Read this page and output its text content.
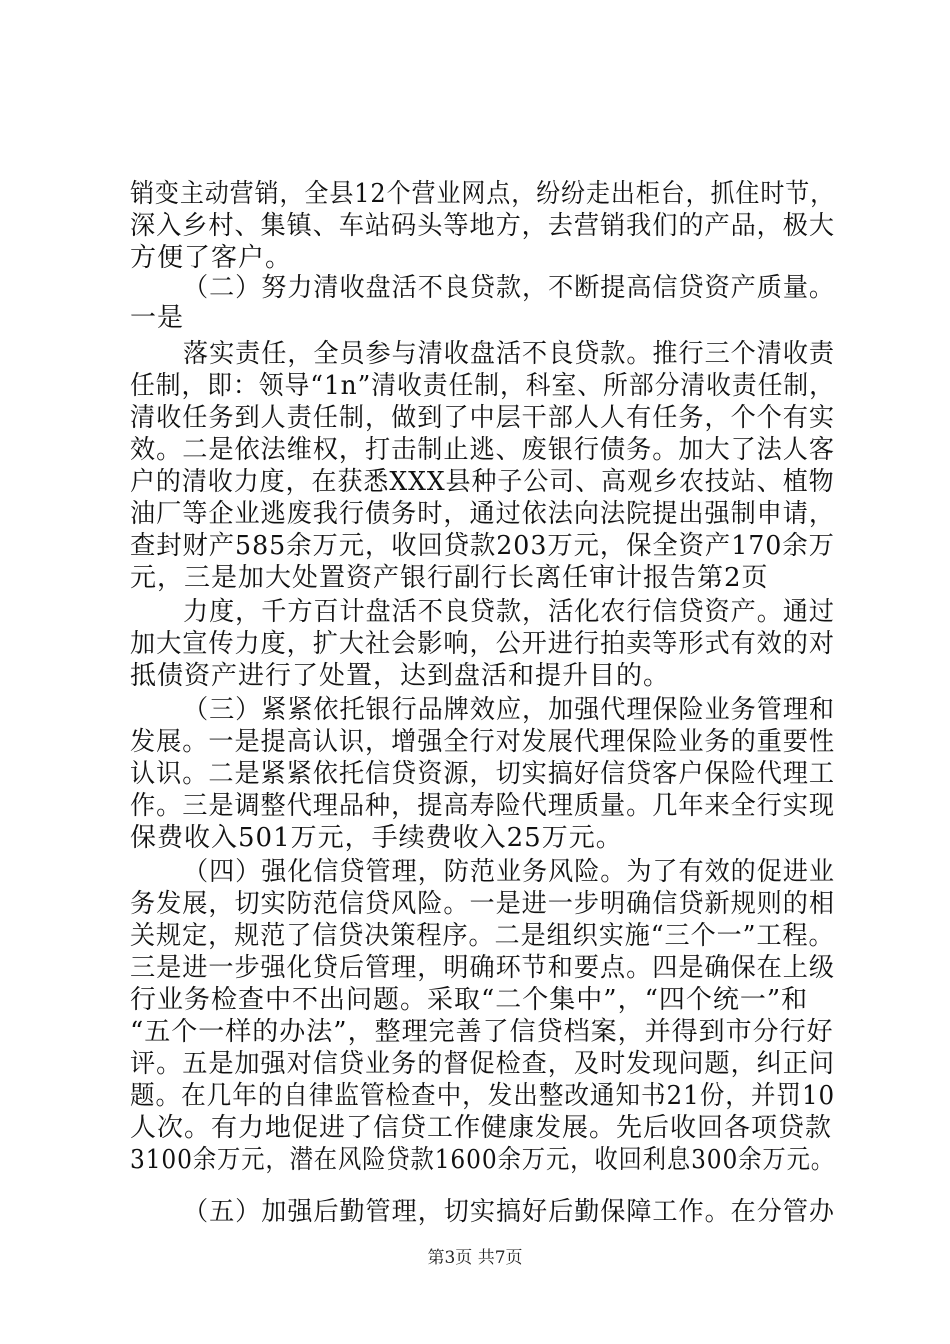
销变主动营销，全县12个营业网点，纷纷走出柜台，抓住时节，
深入乡村、集镇、车站码头等地方，去营销我们的产品，极大
方便了客户。
（二）努力清收盘活不良贷款，不断提高信贷资产质量。
一是
落实责任，全员参与清收盘活不良贷款。推行三个清收责
任制，即：领导“1n”清收责任制，科室、所部分清收责任制，
清收任务到人责任制，做到了中层干部人人有任务，个个有实
效。二是依法维权，打击制止逃、废银行债务。加大了法人客
户的清收力度，在获悉XXX县种子公司、高观乡农技站、植物
油厂等企业逃废我行债务时，通过依法向法院提出强制申请，
查封财产585余万元，收回贷款203万元，保全资产170余万
元，三是加大处置资产银行副行长离任审计报告第2页
力度，千方百计盘活不良贷款，活化农行信贷资产。通过
加大宣传力度，扩大社会影响，公开进行拍卖等形式有效的对
抵债资产进行了处置，达到盘活和提升目的。
（三）紧紧依托银行品牌效应，加强代理保险业务管理和
发展。一是提高认识，增强全行对发展代理保险业务的重要性
认识。二是紧紧依托信贷资源，切实搞好信贷客户保险代理工
作。三是调整代理品种，提高寿险代理质量。几年来全行实现
保费收入501万元，手续费收入25万元。
（四）强化信贷管理，防范业务风险。为了有效的促进业
务发展，切实防范信贷风险。一是进一步明确信贷新规则的相
关规定，规范了信贷决策程序。二是组织实施“三个一”工程。
三是进一步强化贷后管理，明确环节和要点。四是确保在上级
行业务检查中不出问题。采取“二个集中”，“四个统一”和
“五个一样的办法”，整理完善了信贷档案，并得到市分行好
评。五是加强对信贷业务的督促检查，及时发现问题，纠正问
题。在几年的自律监管检查中，发出整改通知书21份，并罚10
人次。有力地促进了信贷工作健康发展。先后收回各项贷款
3100余万元，潜在风险贷款1600余万元，收回利息300余万元。
（五）加强后勤管理，切实搞好后勤保障工作。在分管办
第3页 共7页
